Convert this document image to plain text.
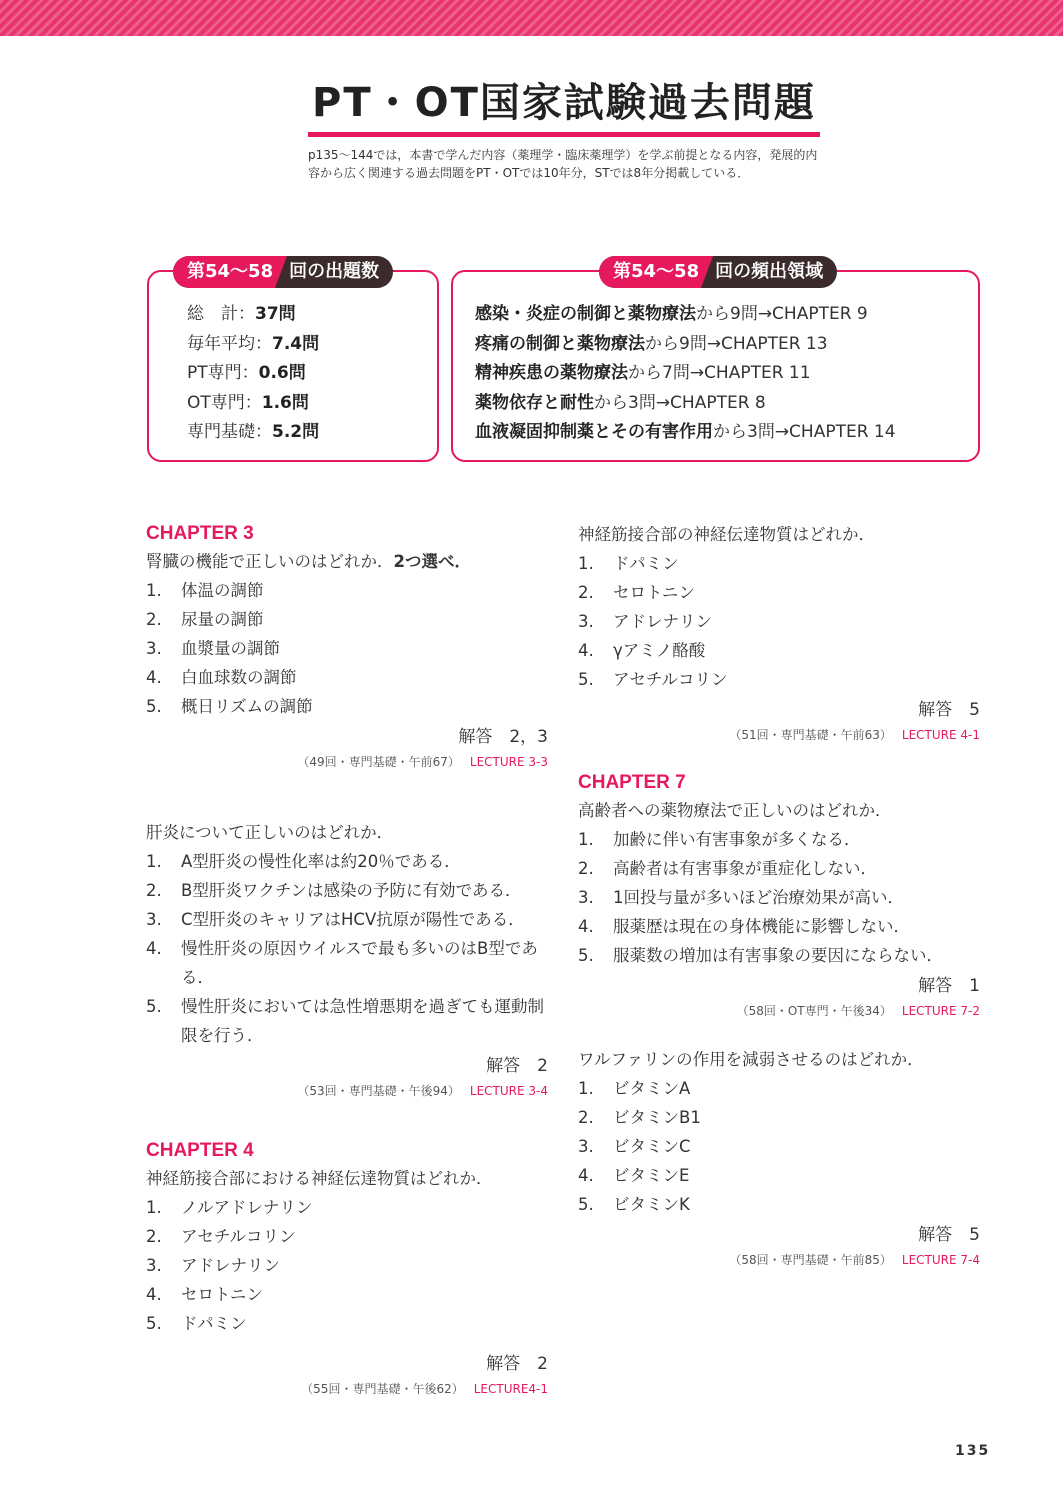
PT・OT国家試験過去問題

p135～144では，本書で学んだ内容（薬理学・臨床薬理学）を学ぶ前提となる内容，発展的内容から広く関連する過去問題をPT・OTでは10年分，STでは8年分掲載している．

第54～58 回の出題数
総　計：37問
毎年平均：7.4問
PT専門：0.6問
OT専門：1.6問
専門基礎：5.2問
第54～58 回の頻出領域
感染・炎症の制御と薬物療法から9問→CHAPTER 9
疼痛の制御と薬物療法から9問→CHAPTER 13
精神疾患の薬物療法から7問→CHAPTER 11
薬物依存と耐性から3問→CHAPTER 8
血液凝固抑制薬とその有害作用から3問→CHAPTER 14
CHAPTER 3

腎臓の機能で正しいのはどれか．2つ選べ．

1.	体温の調節
2.	尿量の調節
3.	血漿量の調節
4.	白血球数の調節
5.	概日リズムの調節

解答　2，3

（49回・専門基礎・午前67） LECTURE 3-3

肝炎について正しいのはどれか．

1.	A型肝炎の慢性化率は約20％である．
2.	B型肝炎ワクチンは感染の予防に有効である．
3.	C型肝炎のキャリアはHCV抗原が陽性である．
4.	慢性肝炎の原因ウイルスで最も多いのはB型である．
5.	慢性肝炎においては急性増悪期を過ぎても運動制限を行う．

解答　2

（53回・専門基礎・午後94） LECTURE 3-4

CHAPTER 4

神経筋接合部における神経伝達物質はどれか．

1.	ノルアドレナリン
2.	アセチルコリン
3.	アドレナリン
4.	セロトニン
5.	ドパミン

解答　2

（55回・専門基礎・午後62） LECTURE4-1

神経筋接合部の神経伝達物質はどれか．

1.	ドパミン
2.	セロトニン
3.	アドレナリン
4.	γアミノ酪酸
5.	アセチルコリン

解答　5

（51回・専門基礎・午前63） LECTURE 4-1

CHAPTER 7

高齢者への薬物療法で正しいのはどれか．

1.	加齢に伴い有害事象が多くなる．
2.	高齢者は有害事象が重症化しない．
3.	1回投与量が多いほど治療効果が高い．
4.	服薬歴は現在の身体機能に影響しない．
5.	服薬数の増加は有害事象の要因にならない．

解答　1

（58回・OT専門・午後34） LECTURE 7-2

ワルファリンの作用を減弱させるのはどれか．

1.	ビタミンA
2.	ビタミンB1
3.	ビタミンC
4.	ビタミンE
5.	ビタミンK

解答　5

（58回・専門基礎・午前85） LECTURE 7-4

135
